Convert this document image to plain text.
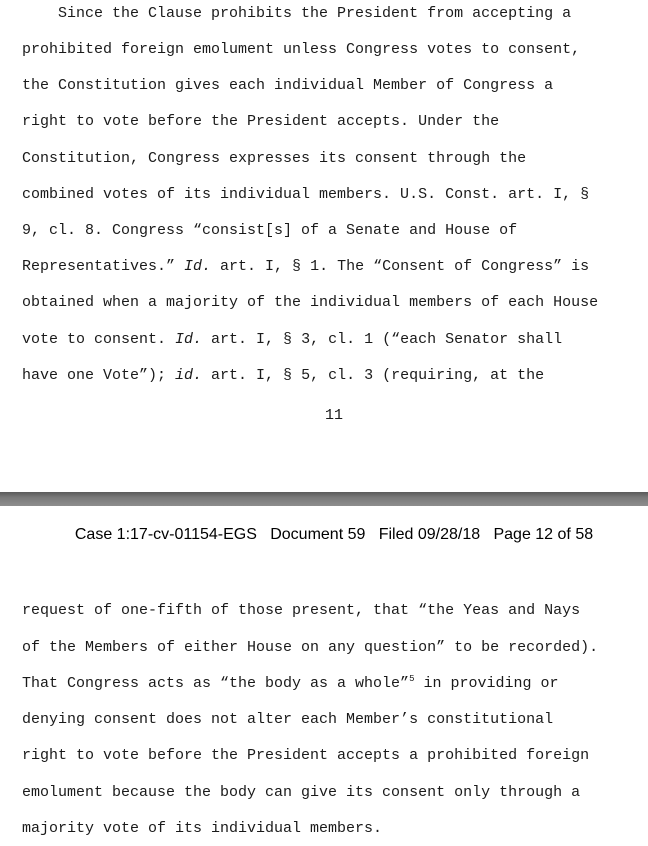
Since the Clause prohibits the President from accepting a
prohibited foreign emolument unless Congress votes to consent,
the Constitution gives each individual Member of Congress a
right to vote before the President accepts. Under the
Constitution, Congress expresses its consent through the
combined votes of its individual members. U.S. Const. art. I, §
9, cl. 8. Congress “consist[s] of a Senate and House of
Representatives.” Id. art. I, § 1. The “Consent of Congress” is
obtained when a majority of the individual members of each House
vote to consent. Id. art. I, § 3, cl. 1 (“each Senator shall
have one Vote”); id. art. I, § 5, cl. 3 (requiring, at the
11
Case 1:17-cv-01154-EGS   Document 59   Filed 09/28/18   Page 12 of 58
request of one-fifth of those present, that “the Yeas and Nays
of the Members of either House on any question” to be recorded).
That Congress acts as “the body as a whole”$^5$ in providing or
denying consent does not alter each Member’s constitutional
right to vote before the President accepts a prohibited foreign
emolument because the body can give its consent only through a
majority vote of its individual members.
